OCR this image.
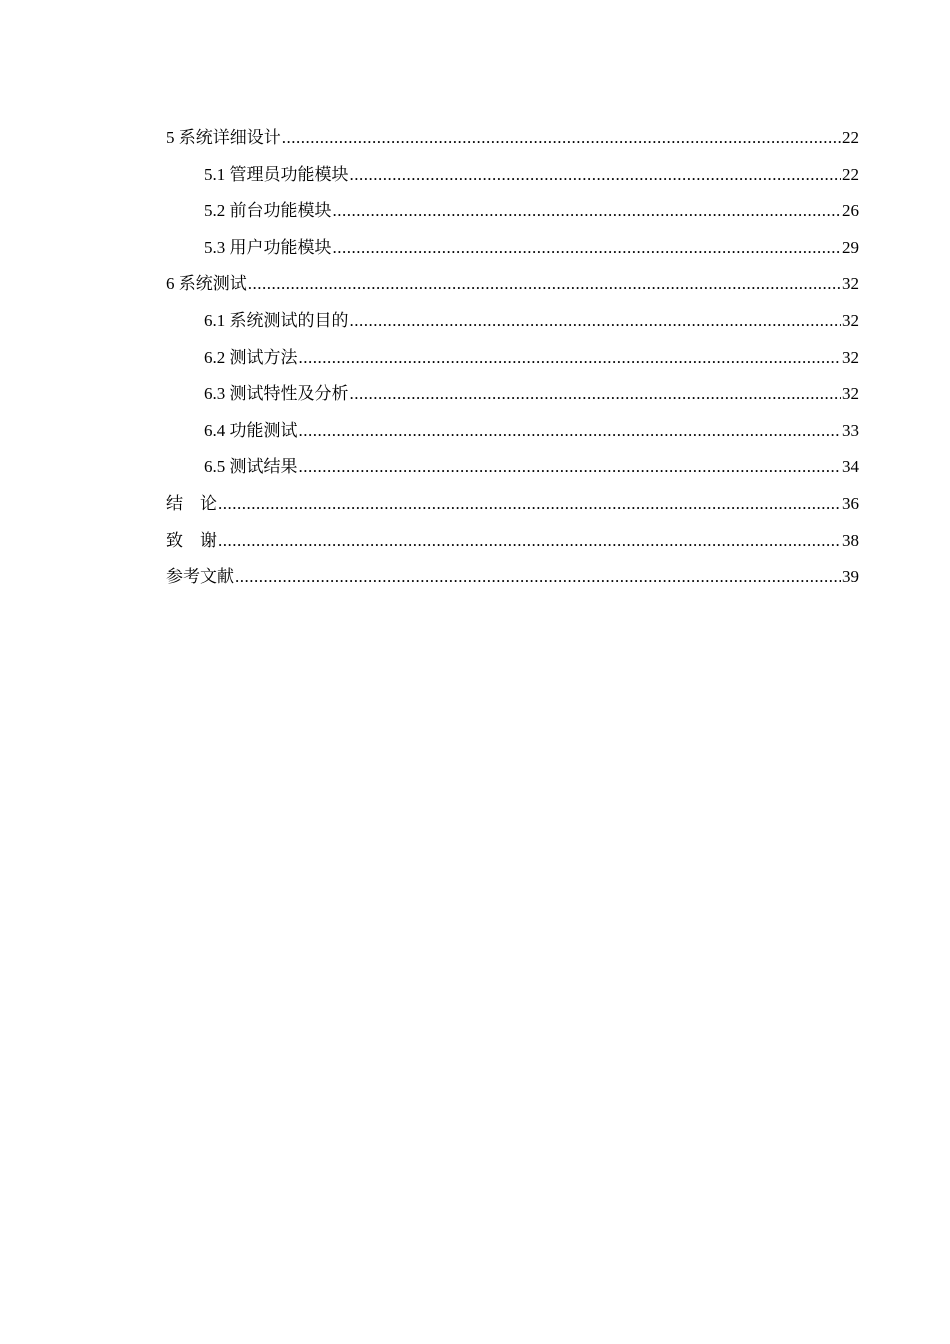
5 系统详细设计 .....	22
5.1 管理员功能模块 .....	22
5.2 前台功能模块 .....	26
5.3 用户功能模块 .....	29
6 系统测试 .....	32
6.1 系统测试的目的 .....	32
6.2 测试方法 .....	32
6.3 测试特性及分析 .....	32
6.4 功能测试 .....	33
6.5 测试结果 .....	34
结　论 .....	36
致　谢 .....	38
参考文献 .....	39
